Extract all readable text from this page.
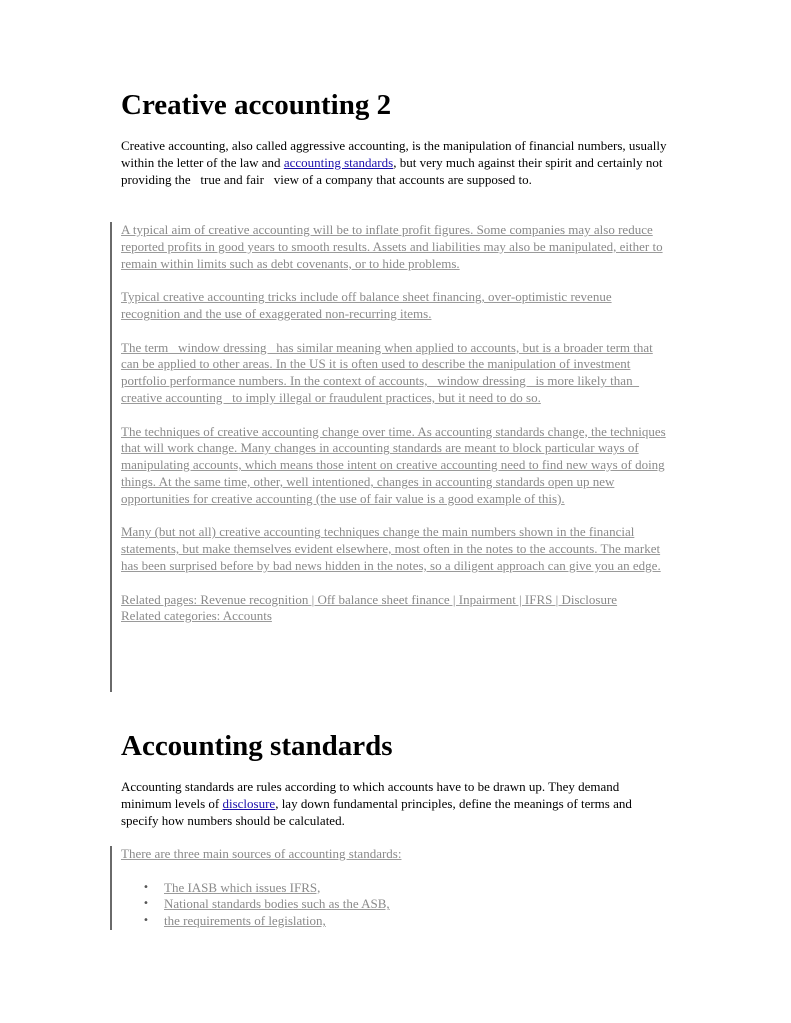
Creative accounting 2

Creative accounting, also called aggressive accounting, is the manipulation of financial numbers, usually within the letter of the law and accounting standards, but very much against their spirit and certainly not providing the   true and fair   view of a company that accounts are supposed to.

A typical aim of creative accounting will be to inflate profit figures. Some companies may also reduce reported profits in good years to smooth results. Assets and liabilities may also be manipulated, either to remain within limits such as debt covenants, or to hide problems.

Typical creative accounting tricks include off balance sheet financing, over-optimistic revenue recognition and the use of exaggerated non-recurring items.

The term   window dressing   has similar meaning when applied to accounts, but is a broader term that can be applied to other areas. In the US it is often used to describe the manipulation of investment portfolio performance numbers. In the context of accounts,   window dressing   is more likely than   creative accounting   to imply illegal or fraudulent practices, but it need to do so.

The techniques of creative accounting change over time. As accounting standards change, the techniques that will work change. Many changes in accounting standards are meant to block particular ways of manipulating accounts, which means those intent on creative accounting need to find new ways of doing things. At the same time, other, well intentioned, changes in accounting standards open up new opportunities for creative accounting (the use of fair value is a good example of this).

Many (but not all) creative accounting techniques change the main numbers shown in the financial statements, but make themselves evident elsewhere, most often in the notes to the accounts. The market has been surprised before by bad news hidden in the notes, so a diligent approach can give you an edge.

Related pages: Revenue recognition | Off balance sheet finance | Inpairment | IFRS | Disclosure
Related categories: Accounts

Accounting standards

Accounting standards are rules according to which accounts have to be drawn up. They demand minimum levels of disclosure, lay down fundamental principles, define the meanings of terms and specify how numbers should be calculated.

There are three main sources of accounting standards:

• The IASB which issues IFRS,
• National standards bodies such as the ASB,
• the requirements of legislation,
